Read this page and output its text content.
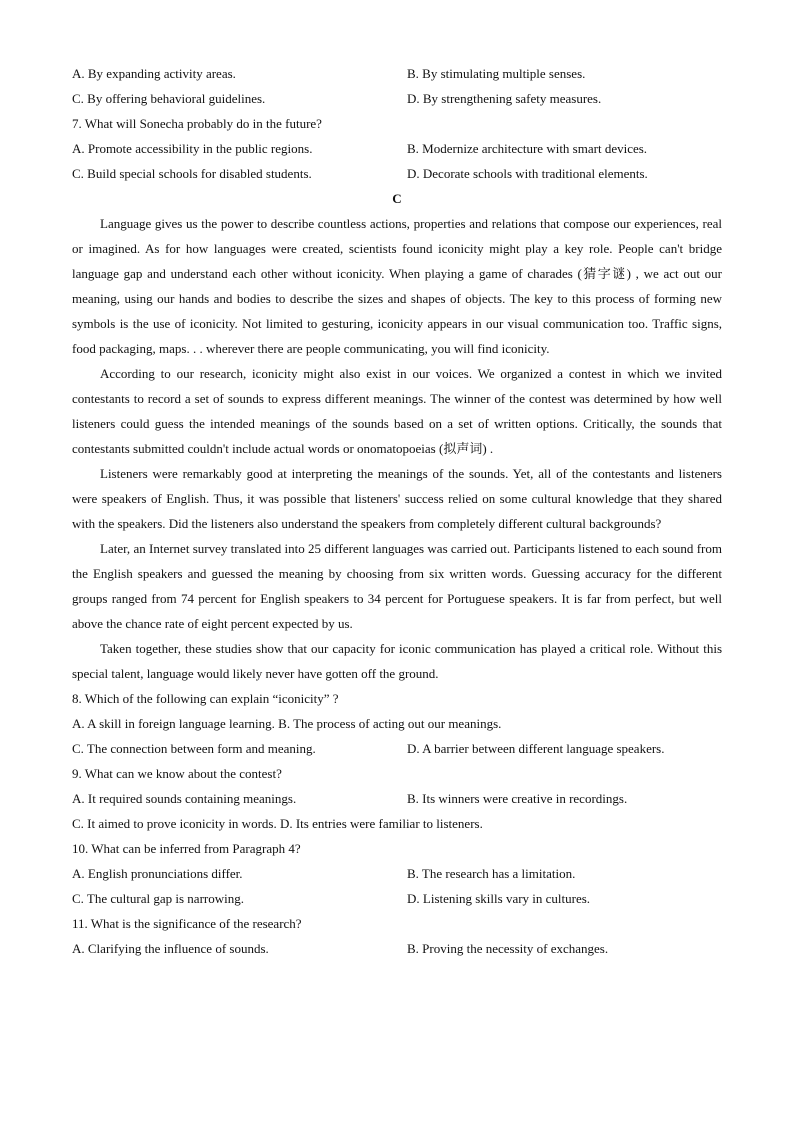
A. By expanding activity areas.	B. By stimulating multiple senses.
C. By offering behavioral guidelines.	D. By strengthening safety measures.
7. What will Sonecha probably do in the future?
A. Promote accessibility in the public regions.	B. Modernize architecture with smart devices.
C. Build special schools for disabled students.	D. Decorate schools with traditional elements.
C
Language gives us the power to describe countless actions, properties and relations that compose our experiences, real or imagined. As for how languages were created, scientists found iconicity might play a key role. People can't bridge language gap and understand each other without iconicity. When playing a game of charades (猜字谜) , we act out our meaning, using our hands and bodies to describe the sizes and shapes of objects. The key to this process of forming new symbols is the use of iconicity. Not limited to gesturing, iconicity appears in our visual communication too. Traffic signs, food packaging, maps. . . wherever there are people communicating, you will find iconicity.
According to our research, iconicity might also exist in our voices. We organized a contest in which we invited contestants to record a set of sounds to express different meanings. The winner of the contest was determined by how well listeners could guess the intended meanings of the sounds based on a set of written options. Critically, the sounds that contestants submitted couldn't include actual words or onomatopoeias (拟声词) .
Listeners were remarkably good at interpreting the meanings of the sounds. Yet, all of the contestants and listeners were speakers of English. Thus, it was possible that listeners' success relied on some cultural knowledge that they shared with the speakers. Did the listeners also understand the speakers from completely different cultural backgrounds?
Later, an Internet survey translated into 25 different languages was carried out. Participants listened to each sound from the English speakers and guessed the meaning by choosing from six written words. Guessing accuracy for the different groups ranged from 74 percent for English speakers to 34 percent for Portuguese speakers. It is far from perfect, but well above the chance rate of eight percent expected by us.
Taken together, these studies show that our capacity for iconic communication has played a critical role. Without this special talent, language would likely never have gotten off the ground.
8. Which of the following can explain “iconicity” ?
A. A skill in foreign language learning. B. The process of acting out our meanings.
C. The connection between form and meaning.	D. A barrier between different language speakers.
9. What can we know about the contest?
A. It required sounds containing meanings.	B. Its winners were creative in recordings.
C. It aimed to prove iconicity in words. D. Its entries were familiar to listeners.
10. What can be inferred from Paragraph 4?
A. English pronunciations differ.	B. The research has a limitation.
C. The cultural gap is narrowing.	D. Listening skills vary in cultures.
11. What is the significance of the research?
A. Clarifying the influence of sounds.	B. Proving the necessity of exchanges.
